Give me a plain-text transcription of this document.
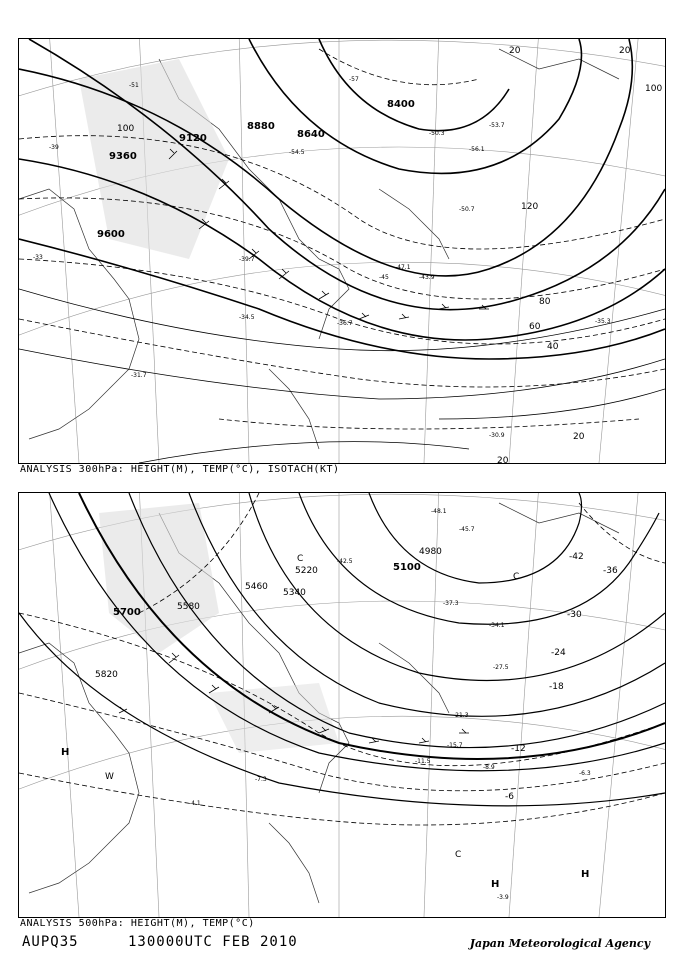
8400
8640
8880
9120
9360
9600
20	20
40
60
80
100
120
100
20
20
-57
-51
-45
-39
-33
-53.7
-54.5
-50.3
-56.1
-50.7
-47.1
-43.9
-39.7
-36.7
-34.5
-35.3
-31.7
-30.9
ANALYSIS 300hPa: HEIGHT(M), TEMP(°C), ISOTACH(KT)
4980
5100
5220
5340
5460
5580
5700
5820
-42
-36
-30
-24
-18
-12
-6
H
H
H
C
C
C
W
-48.1
-45.7
-42.5
-37.3
-34.1
-27.5
-21.3
-15.7
-11.5
-8.9
-6.3
-3.9
-4.1
-7.3
ANALYSIS 500hPa: HEIGHT(M), TEMP(°C)
AUPQ35	130000UTC FEB 2010	Japan Meteorological Agency
